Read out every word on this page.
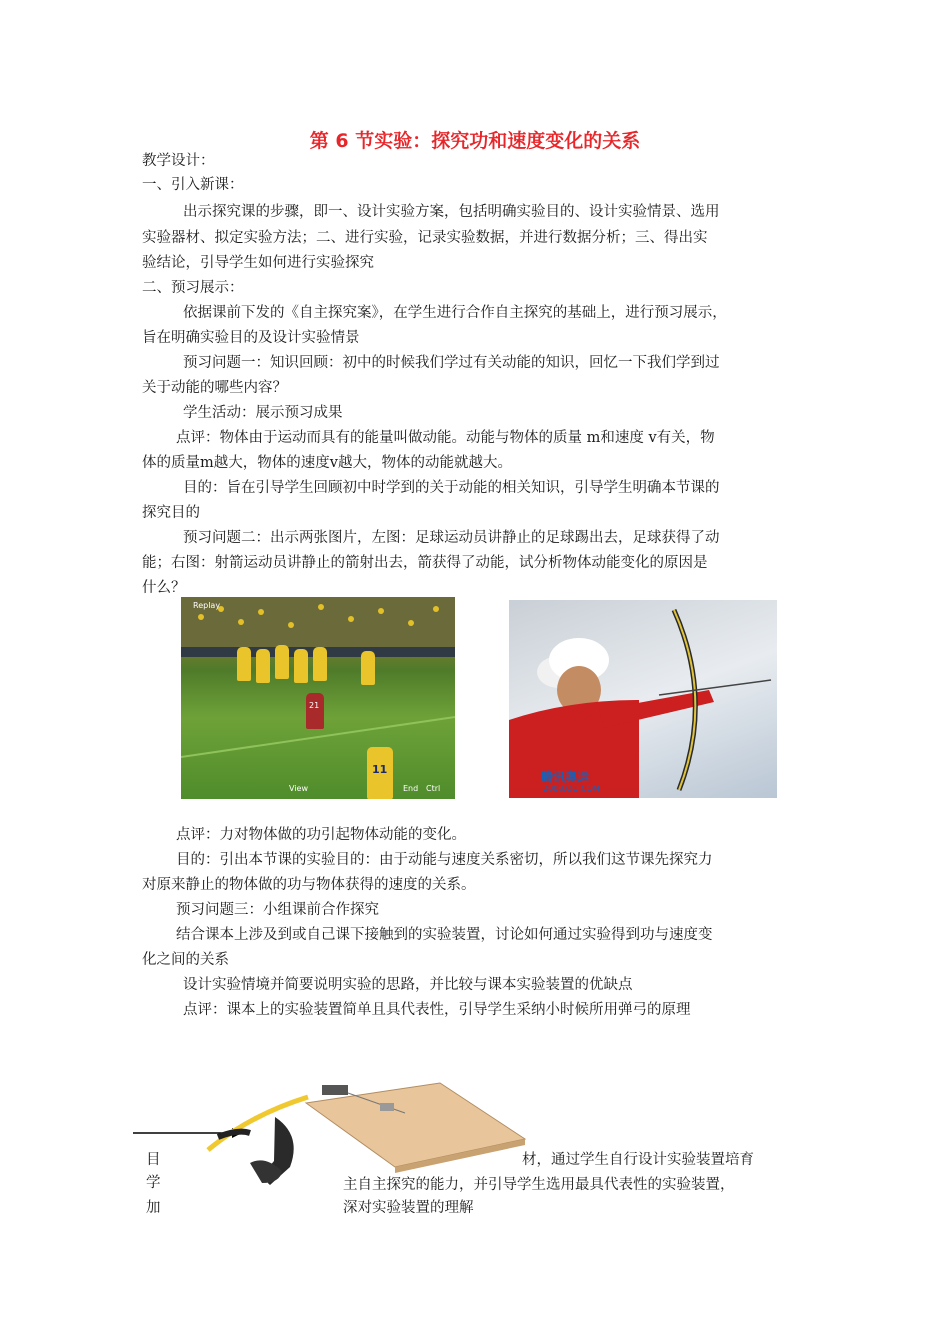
第 6 节实验：探究功和速度变化的关系
教学设计：
一、引入新课：
出示探究课的步骤，即一、设计实验方案，包括明确实验目的、设计实验情景、选用
实验器材、拟定实验方法；二、进行实验，记录实验数据，并进行数据分析；三、得出实
验结论，引导学生如何进行实验探究
二、预习展示：
依据课前下发的《自主探究案》，在学生进行合作自主探究的基础上，进行预习展示，
旨在明确实验目的及设计实验情景
预习问题一：知识回顾：初中的时候我们学过有关动能的知识，回忆一下我们学到过
关于动能的哪些内容？
学生活动：展示预习成果
点评：物体由于运动而具有的能量叫做动能。动能与物体的质量 m和速度 v有关，物
体的质量m越大，物体的速度v越大，物体的动能就越大。
目的：旨在引导学生回顾初中时学到的关于动能的相关知识，引导学生明确本节课的
探究目的
预习问题二：出示两张图片，左图：足球运动员讲静止的足球踢出去，足球获得了动
能；右图：射箭运动员讲静止的箭射出去，箭获得了动能，试分析物体动能变化的原因是
什么？
Replay
21
11
View	End Ctrl
腾讯奥运
2008.QQ.COM
点评：力对物体做的功引起物体动能的变化。
目的：引出本节课的实验目的：由于动能与速度关系密切，所以我们这节课先探究力
对原来静止的物体做的功与物体获得的速度的关系。
预习问题三：小组课前合作探究
结合课本上涉及到或自己课下接触到的实验装置，讨论如何通过实验得到功与速度变
化之间的关系
设计实验情境并简要说明实验的思路，并比较与课本实验装置的优缺点
点评：课本上的实验装置简单且具代表性，引导学生采纳小时候所用弹弓的原理
目
学
加
材，通过学生自行设计实验装置培育
主自主探究的能力，并引导学生选用最具代表性的实验装置，
深对实验装置的理解
